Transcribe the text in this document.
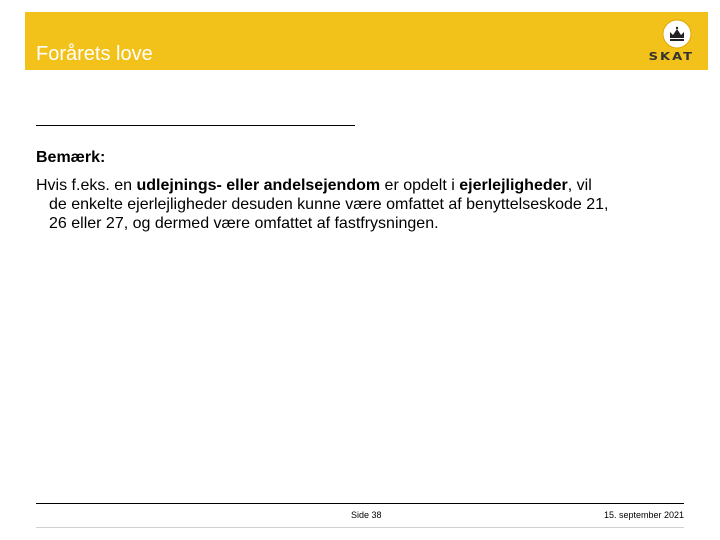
Forårets love	SKAT
Bemærk:
Hvis f.eks. en udlejnings- eller andelsejendom er opdelt i ejerlejligheder, vil
de enkelte ejerlejligheder desuden kunne være omfattet af benyttelseskode 21,
26 eller 27, og dermed være omfattet af fastfrysningen.
Side 38	15. september 2021
